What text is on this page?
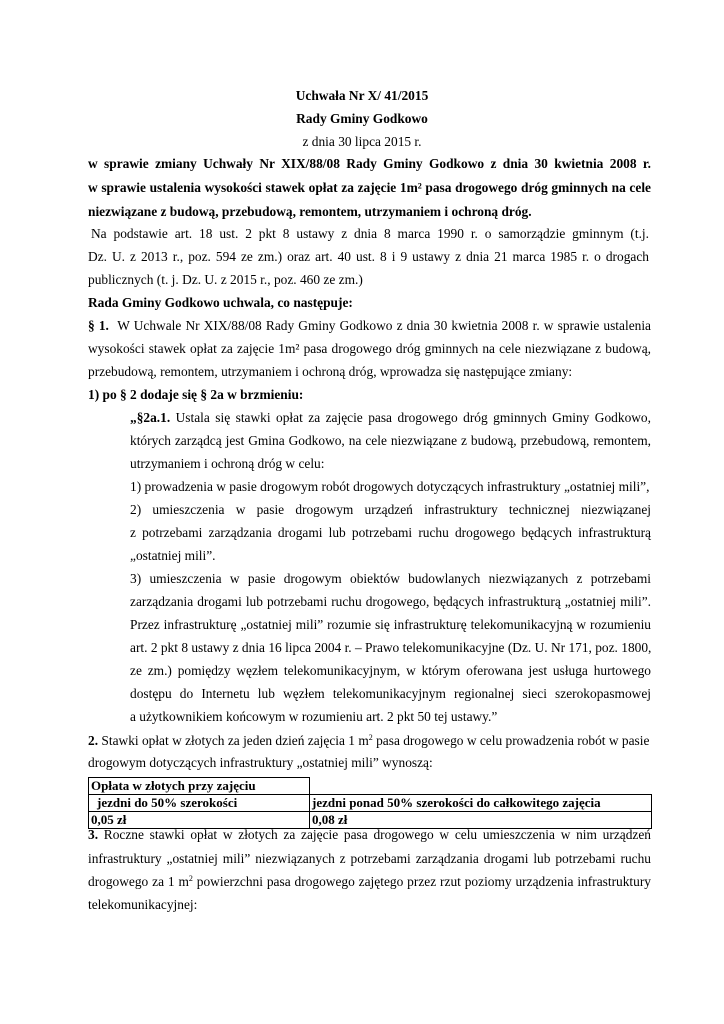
Uchwała Nr X/ 41/2015
Rady Gminy Godkowo
z dnia 30 lipca 2015 r.
w sprawie zmiany Uchwały Nr XIX/88/08 Rady Gminy Godkowo z dnia 30 kwietnia 2008 r.
w sprawie ustalenia wysokości stawek opłat za zajęcie 1m² pasa drogowego dróg gminnych na cele
niezwiązane z budową, przebudową, remontem, utrzymaniem i ochroną dróg.
Na podstawie art. 18 ust. 2 pkt 8 ustawy z dnia 8 marca 1990 r. o samorządzie gminnym (t.j.
Dz. U. z 2013 r., poz. 594 ze zm.) oraz art. 40 ust. 8 i 9 ustawy z dnia 21 marca 1985 r. o drogach
publicznych (t. j. Dz. U. z 2015 r., poz. 460 ze zm.)
Rada Gminy Godkowo uchwala, co następuje:
§ 1. W Uchwale Nr XIX/88/08 Rady Gminy Godkowo z dnia 30 kwietnia 2008 r. w sprawie ustalenia
wysokości stawek opłat za zajęcie 1m² pasa drogowego dróg gminnych na cele niezwiązane z budową,
przebudową, remontem, utrzymaniem i ochroną dróg, wprowadza się następujące zmiany:
1) po § 2 dodaje się § 2a w brzmieniu:
„§2a.1. Ustala się stawki opłat za zajęcie pasa drogowego dróg gminnych Gminy Godkowo,
których zarządcą jest Gmina Godkowo, na cele niezwiązane z budową, przebudową, remontem,
utrzymaniem i ochroną dróg w celu:
1) prowadzenia w pasie drogowym robót drogowych dotyczących infrastruktury „ostatniej mili”,
2) umieszczenia w pasie drogowym urządzeń infrastruktury technicznej niezwiązanej
z potrzebami zarządzania drogami lub potrzebami ruchu drogowego będących infrastrukturą
„ostatniej mili”.
3) umieszczenia w pasie drogowym obiektów budowlanych niezwiązanych z potrzebami
zarządzania drogami lub potrzebami ruchu drogowego, będących infrastrukturą „ostatniej mili”.
Przez infrastrukturę „ostatniej mili” rozumie się infrastrukturę telekomunikacyjną w rozumieniu
art. 2 pkt 8 ustawy z dnia 16 lipca 2004 r. – Prawo telekomunikacyjne (Dz. U. Nr 171, poz. 1800,
ze zm.) pomiędzy węzłem telekomunikacyjnym, w którym oferowana jest usługa hurtowego
dostępu do Internetu lub węzłem telekomunikacyjnym regionalnej sieci szerokopasmowej
a użytkownikiem końcowym w rozumieniu art. 2 pkt 50 tej ustawy.”
2. Stawki opłat w złotych za jeden dzień zajęcia 1 $m^2$ pasa drogowego w celu prowadzenia robót w pasie
drogowym dotyczących infrastruktury „ostatniej mili” wynoszą:
Opłata w złotych przy zajęciu	
jezdni do 50% szerokości	jezdni ponad 50% szerokości do całkowitego zajęcia
0,05 zł	0,08 zł
3. Roczne stawki opłat w złotych za zajęcie pasa drogowego w celu umieszczenia w nim urządzeń
infrastruktury „ostatniej mili” niezwiązanych z potrzebami zarządzania drogami lub potrzebami ruchu
drogowego za 1 $m^2$ powierzchni pasa drogowego zajętego przez rzut poziomy urządzenia infrastruktury
telekomunikacyjnej:
